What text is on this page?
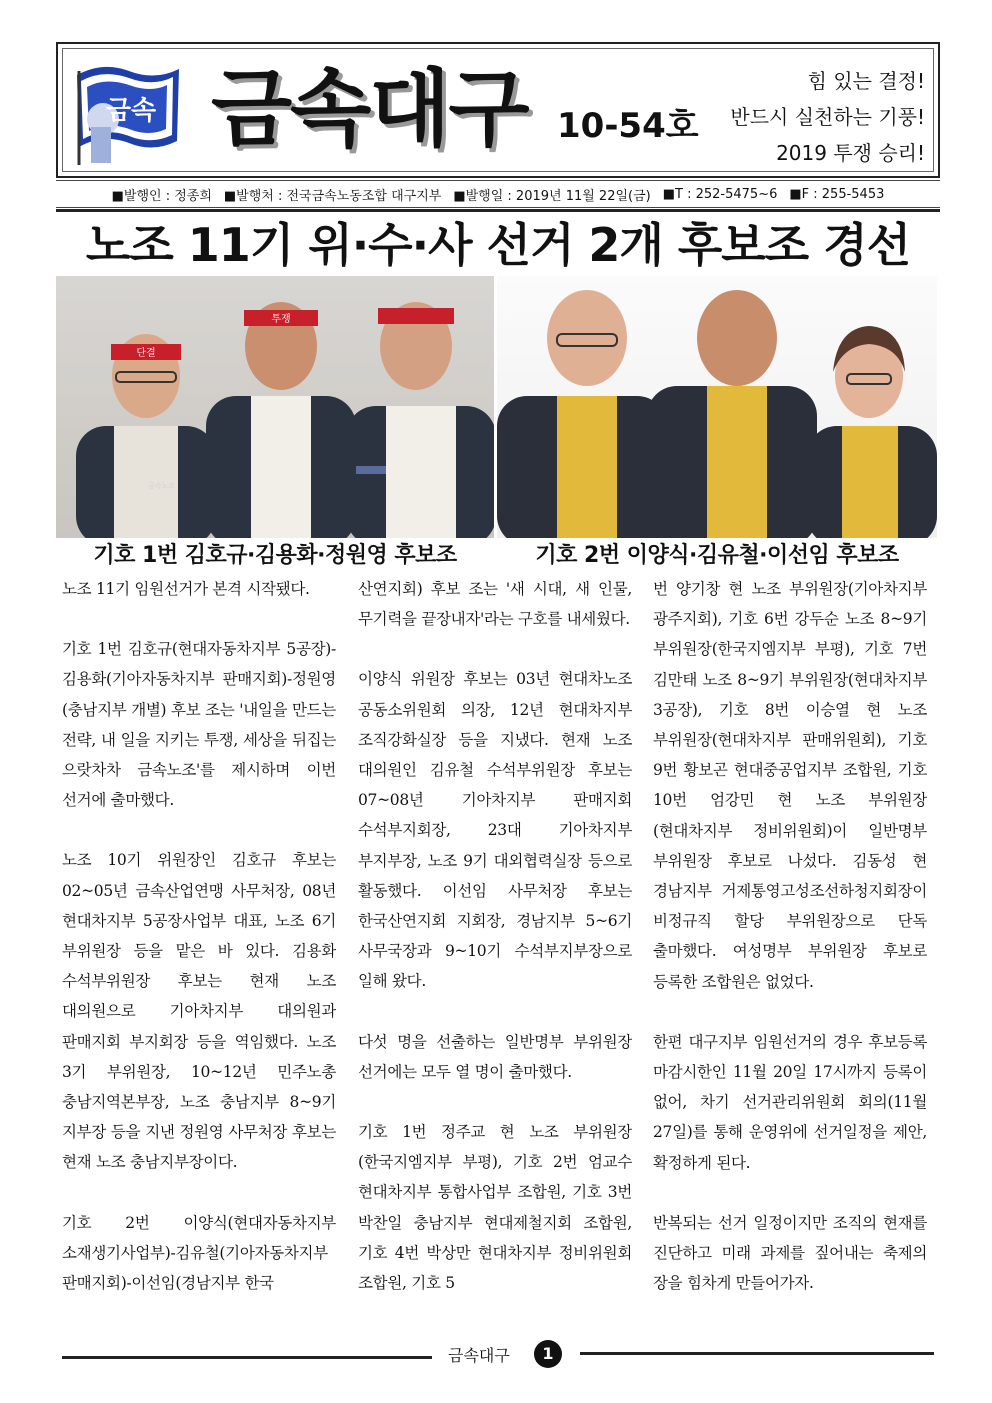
금속 금속대구 10-54호
힘 있는 결정!
반드시 실천하는 기풍!
2019 투쟁 승리!
■발행인 : 정종희 ■발행처 : 전국금속노동조합 대구지부 ■발행일 : 2019년 11월 22일(금) ■T : 252-5475~6 ■F : 255-5453
노조 11기 위·수·사 선거 2개 후보조 경선
단결
투쟁
금속노조
기호 1번 김호규·김용화·정원영 후보조	기호 2번 이양식·김유철·이선임 후보조

노조 11기 임원선거가 본격 시작됐다.

기호 1번 김호규(현대자동차지부 5공장)-김용화(기아자동차지부 판매지회)-정원영(충남지부 개별) 후보 조는 '내일을 만드는 전략, 내 일을 지키는 투쟁, 세상을 뒤집는 으랏차차 금속노조'를 제시하며 이번 선거에 출마했다.

노조 10기 위원장인 김호규 후보는 02~05년 금속산업연맹 사무처장, 08년 현대차지부 5공장사업부 대표, 노조 6기 부위원장 등을 맡은 바 있다. 김용화 수석부위원장 후보는 현재 노조 대의원으로 기아차지부 대의원과 판매지회 부지회장 등을 역임했다. 노조 3기 부위원장, 10~12년 민주노총 충남지역본부장, 노조 충남지부 8~9기 지부장 등을 지낸 정원영 사무처장 후보는 현재 노조 충남지부장이다.

기호 2번 이양식(현대자동차지부 소재생기사업부)-김유철(기아자동차지부 판매지회)-이선임(경남지부 한국

산연지회) 후보 조는 '새 시대, 새 인물, 무기력을 끝장내자'라는 구호를 내세웠다.

이양식 위원장 후보는 03년 현대차노조 공동소위원회 의장, 12년 현대차지부 조직강화실장 등을 지냈다. 현재 노조 대의원인 김유철 수석부위원장 후보는 07~08년 기아차지부 판매지회 수석부지회장, 23대 기아차지부 부지부장, 노조 9기 대외협력실장 등으로 활동했다. 이선임 사무처장 후보는 한국산연지회 지회장, 경남지부 5~6기 사무국장과 9~10기 수석부지부장으로 일해 왔다.

다섯 명을 선출하는 일반명부 부위원장 선거에는 모두 열 명이 출마했다.

기호 1번 정주교 현 노조 부위원장(한국지엠지부 부평), 기호 2번 엄교수 현대차지부 통합사업부 조합원, 기호 3번 박찬일 충남지부 현대제철지회 조합원, 기호 4번 박상만 현대차지부 정비위원회 조합원, 기호 5

번 양기창 현 노조 부위원장(기아차지부 광주지회), 기호 6번 강두순 노조 8~9기 부위원장(한국지엠지부 부평), 기호 7번 김만태 노조 8~9기 부위원장(현대차지부 3공장), 기호 8번 이승열 현 노조 부위원장(현대차지부 판매위원회), 기호 9번 황보곤 현대중공업지부 조합원, 기호 10번 엄강민 현 노조 부위원장(현대차지부 정비위원회)이 일반명부 부위원장 후보로 나섰다. 김동성 현 경남지부 거제통영고성조선하청지회장이 비정규직 할당 부위원장으로 단독 출마했다. 여성명부 부위원장 후보로 등록한 조합원은 없었다.

한편 대구지부 임원선거의 경우 후보등록 마감시한인 11월 20일 17시까지 등록이 없어, 차기 선거관리위원회 회의(11월 27일)를 통해 운영위에 선거일정을 제안, 확정하게 된다.

반복되는 선거 일정이지만 조직의 현재를 진단하고 미래 과제를 짚어내는 축제의 장을 힘차게 만들어가자.

금속대구	1
